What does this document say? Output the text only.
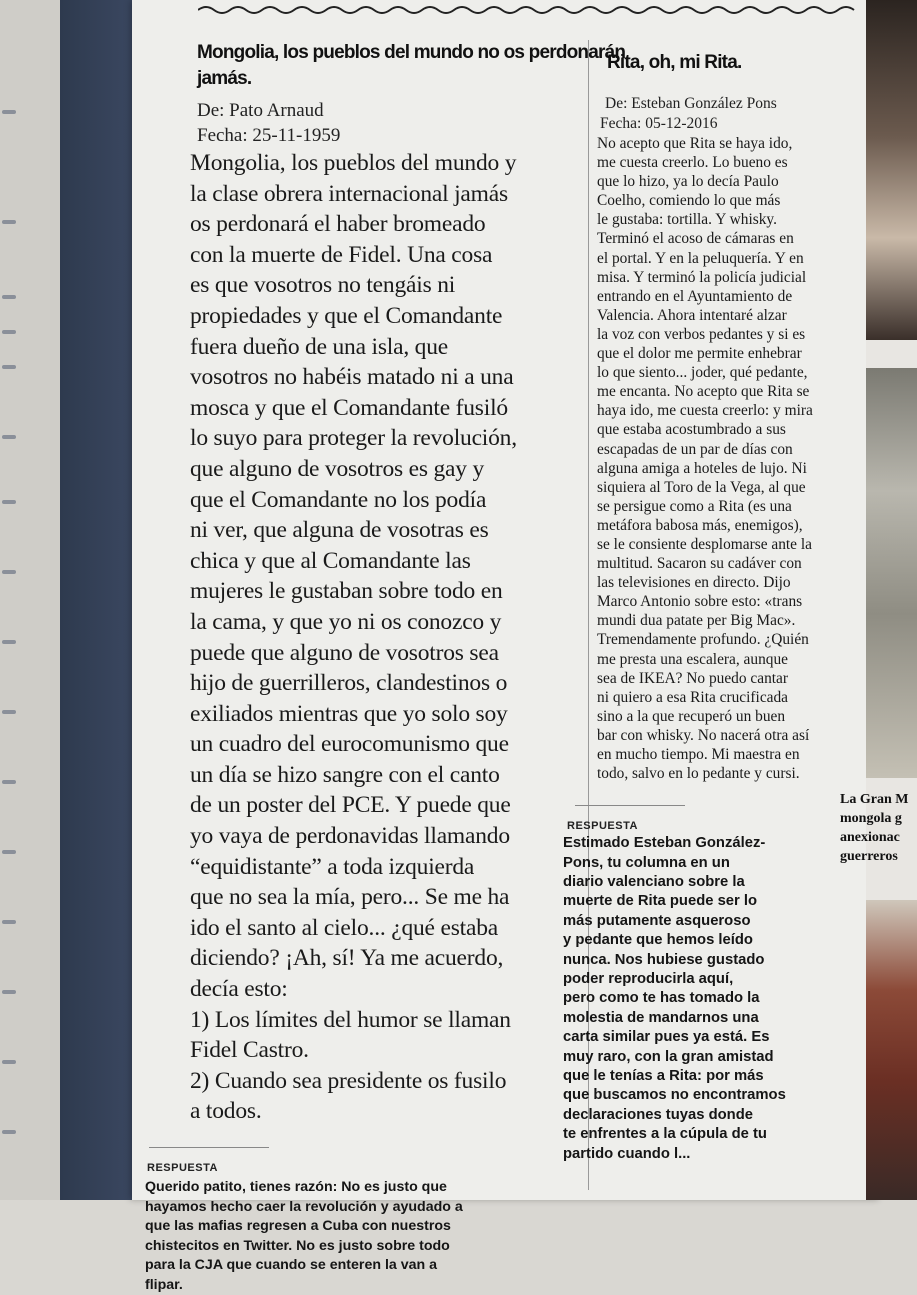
Mongolia, los pueblos del mundo no os perdonarán jamás.
De: Pato Arnaud
Fecha: 25-11-1959
Mongolia, los pueblos del mundo y
la clase obrera internacional jamás
os perdonará el haber bromeado
con la muerte de Fidel. Una cosa
es que vosotros no tengáis ni
propiedades y que el Comandante
fuera dueño de una isla, que
vosotros no habéis matado ni a una
mosca y que el Comandante fusiló
lo suyo para proteger la revolución,
que alguno de vosotros es gay y
que el Comandante no los podía
ni ver, que alguna de vosotras es
chica y que al Comandante las
mujeres le gustaban sobre todo en
la cama, y que yo ni os conozco y
puede que alguno de vosotros sea
hijo de guerrilleros, clandestinos o
exiliados mientras que yo solo soy
un cuadro del eurocomunismo que
un día se hizo sangre con el canto
de un poster del PCE. Y puede que
yo vaya de perdonavidas llamando
“equidistante” a toda izquierda
que no sea la mía, pero... Se me ha
ido el santo al cielo... ¿qué estaba
diciendo? ¡Ah, sí! Ya me acuerdo,
decía esto:
1) Los límites del humor se llaman
Fidel Castro.
2) Cuando sea presidente os fusilo
a todos.
RESPUESTA
Querido patito, tienes razón: No es justo que
hayamos hecho caer la revolución y ayudado a
que las mafias regresen a Cuba con nuestros
chistecitos en Twitter. No es justo sobre todo
para la CJA que cuando se enteren la van a
flipar.
Rita, oh, mi Rita.
De: Esteban González Pons
Fecha: 05-12-2016
No acepto que Rita se haya ido,
me cuesta creerlo. Lo bueno es
que lo hizo, ya lo decía Paulo
Coelho, comiendo lo que más
le gustaba: tortilla. Y whisky.
Terminó el acoso de cámaras en
el portal. Y en la peluquería. Y en
misa. Y terminó la policía judicial
entrando en el Ayuntamiento de
Valencia. Ahora intentaré alzar
la voz con verbos pedantes y si es
que el dolor me permite enhebrar
lo que siento... joder, qué pedante,
me encanta. No acepto que Rita se
haya ido, me cuesta creerlo: y mira
que estaba acostumbrado a sus
escapadas de un par de días con
alguna amiga a hoteles de lujo. Ni
siquiera al Toro de la Vega, al que
se persigue como a Rita (es una
metáfora babosa más, enemigos),
se le consiente desplomarse ante la
multitud. Sacaron su cadáver con
las televisiones en directo. Dijo
Marco Antonio sobre esto: «trans
mundi dua patate per Big Mac».
Tremendamente profundo. ¿Quién
me presta una escalera, aunque
sea de IKEA? No puedo cantar
ni quiero a esa Rita crucificada
sino a la que recuperó un buen
bar con whisky. No nacerá otra así
en mucho tiempo. Mi maestra en
todo, salvo en lo pedante y cursi.
RESPUESTA
Estimado Esteban González-
Pons, tu columna en un
diario valenciano sobre la
muerte de Rita puede ser lo
más putamente asqueroso
y pedante que hemos leído
nunca. Nos hubiese gustado
poder reproducirla aquí,
pero como te has tomado la
molestia de mandarnos una
carta similar pues ya está. Es
muy raro, con la gran amistad
que le tenías a Rita: por más
que buscamos no encontramos
declaraciones tuyas donde
te enfrentes a la cúpula de tu
partido cuando l...
La Gran M
mongola g
anexionac
guerreros
